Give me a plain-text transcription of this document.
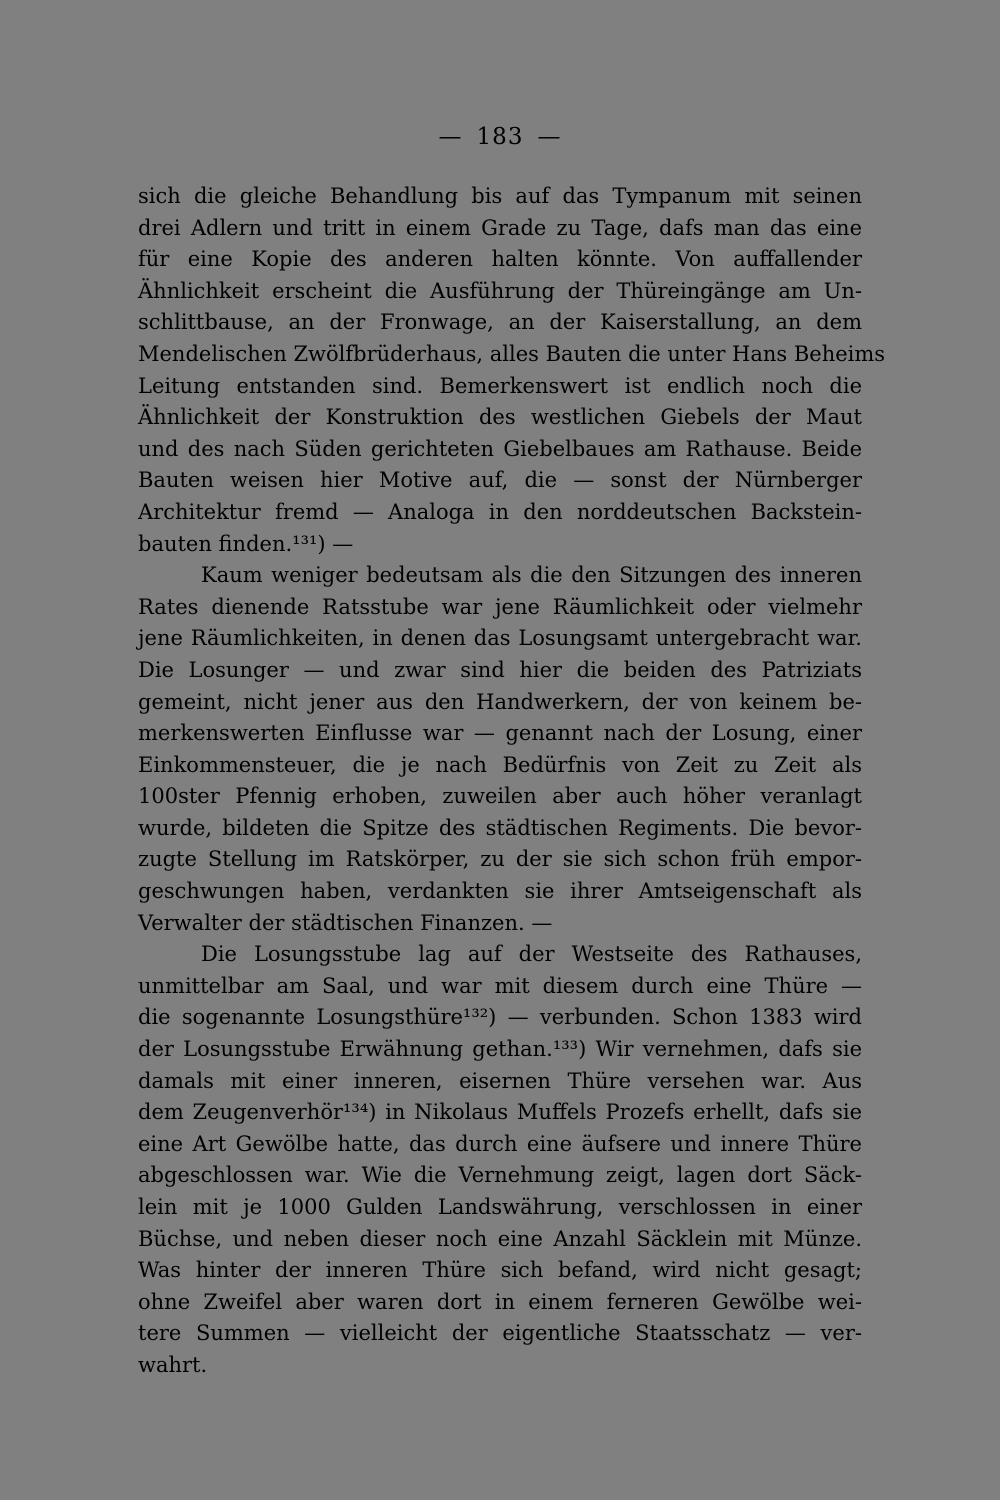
— 183 —
sich die gleiche Behandlung bis auf das Tympanum mit seinen
drei Adlern und tritt in einem Grade zu Tage, dafs man das eine
für eine Kopie des anderen halten könnte. Von auffallender
Ähnlichkeit erscheint die Ausführung der Thüreingänge am Un-
schlittbause, an der Fronwage, an der Kaiserstallung, an dem
Mendelischen Zwölfbrüderhaus, alles Bauten die unter Hans Beheims
Leitung entstanden sind. Bemerkenswert ist endlich noch die
Ähnlichkeit der Konstruktion des westlichen Giebels der Maut
und des nach Süden gerichteten Giebelbaues am Rathause. Beide
Bauten weisen hier Motive auf, die — sonst der Nürnberger
Architektur fremd — Analoga in den norddeutschen Backstein-
bauten finden.¹³¹) —
Kaum weniger bedeutsam als die den Sitzungen des inneren
Rates dienende Ratsstube war jene Räumlichkeit oder vielmehr
jene Räumlichkeiten, in denen das Losungsamt untergebracht war.
Die Losunger — und zwar sind hier die beiden des Patriziats
gemeint, nicht jener aus den Handwerkern, der von keinem be-
merkenswerten Einflusse war — genannt nach der Losung, einer
Einkommensteuer, die je nach Bedürfnis von Zeit zu Zeit als
100ster Pfennig erhoben, zuweilen aber auch höher veranlagt
wurde, bildeten die Spitze des städtischen Regiments. Die bevor-
zugte Stellung im Ratskörper, zu der sie sich schon früh empor-
geschwungen haben, verdankten sie ihrer Amtseigenschaft als
Verwalter der städtischen Finanzen. —
Die Losungsstube lag auf der Westseite des Rathauses,
unmittelbar am Saal, und war mit diesem durch eine Thüre —
die sogenannte Losungsthüre¹³²) — verbunden. Schon 1383 wird
der Losungsstube Erwähnung gethan.¹³³) Wir vernehmen, dafs sie
damals mit einer inneren, eisernen Thüre versehen war. Aus
dem Zeugenverhör¹³⁴) in Nikolaus Muffels Prozefs erhellt, dafs sie
eine Art Gewölbe hatte, das durch eine äufsere und innere Thüre
abgeschlossen war. Wie die Vernehmung zeigt, lagen dort Säck-
lein mit je 1000 Gulden Landswährung, verschlossen in einer
Büchse, und neben dieser noch eine Anzahl Säcklein mit Münze.
Was hinter der inneren Thüre sich befand, wird nicht gesagt;
ohne Zweifel aber waren dort in einem ferneren Gewölbe wei-
tere Summen — vielleicht der eigentliche Staatsschatz — ver-
wahrt.
